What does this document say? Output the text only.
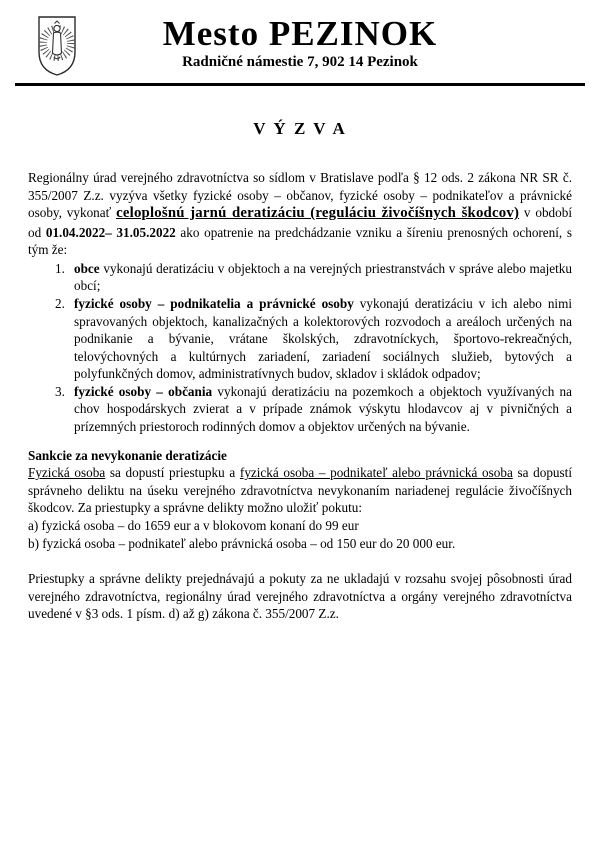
Mesto PEZINOK
Radničné námestie 7, 902 14 Pezinok
V Ý Z V A

Regionálny úrad verejného zdravotníctva so sídlom v Bratislave podľa § 12 ods. 2 zákona NR SR č. 355/2007 Z.z. vyzýva všetky fyzické osoby – občanov, fyzické osoby – podnikateľov a právnické osoby, vykonať celoplošnú jarnú deratizáciu (reguláciu živočíšnych škodcov) v období od 01.04.2022– 31.05.2022 ako opatrenie na predchádzanie vzniku a šíreniu prenosných ochorení, s tým že:

1. obce vykonajú deratizáciu v objektoch a na verejných priestranstvách v správe alebo majetku obcí;
2. fyzické osoby – podnikatelia a právnické osoby vykonajú deratizáciu v ich alebo nimi spravovaných objektoch, kanalizačných a kolektorových rozvodoch a areáloch určených na podnikanie a bývanie, vrátane školských, zdravotníckych, športovo-rekreačných, telovýchovných a kultúrnych zariadení, zariadení sociálnych služieb, bytových a polyfunkčných domov, administratívnych budov, skladov i skládok odpadov;
3. fyzické osoby – občania vykonajú deratizáciu na pozemkoch a objektoch využívaných na chov hospodárskych zvierat a v prípade známok výskytu hlodavcov aj v pivničných a prízemných priestoroch rodinných domov a objektov určených na bývanie.

Sankcie za nevykonanie deratizácie

Fyzická osoba sa dopustí priestupku a fyzická osoba – podnikateľ alebo právnická osoba sa dopustí správneho deliktu na úseku verejného zdravotníctva nevykonaním nariadenej regulácie živočíšnych škodcov. Za priestupky a správne delikty možno uložiť pokutu:

a) fyzická osoba – do 1659 eur a v blokovom konaní do 99 eur

b) fyzická osoba – podnikateľ alebo právnická osoba – od 150 eur do 20 000 eur.

Priestupky a správne delikty prejednávajú a pokuty za ne ukladajú v rozsahu svojej pôsobnosti úrad verejného zdravotníctva, regionálny úrad verejného zdravotníctva a orgány verejného zdravotníctva uvedené v §3 ods. 1 písm. d) až g) zákona č. 355/2007 Z.z.
